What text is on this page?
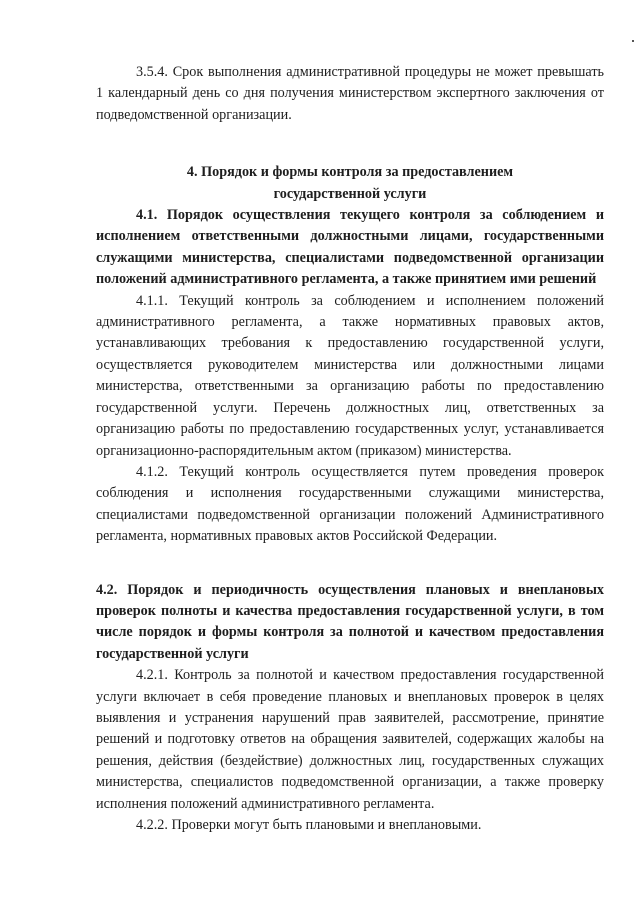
3.5.4. Срок выполнения административной процедуры не может превышать 1 календарный день со дня получения министерством экспертного заключения от подведомственной организации.

4. Порядок и формы контроля за предоставлением государственной услуги

4.1. Порядок осуществления текущего контроля за соблюдением и исполнением ответственными должностными лицами, государственными служащими министерства, специалистами подведомственной организации положений административного регламента, а также принятием ими решений

4.1.1. Текущий контроль за соблюдением и исполнением положений административного регламента, а также нормативных правовых актов, устанавливающих требования к предоставлению государственной услуги, осуществляется руководителем министерства или должностными лицами министерства, ответственными за организацию работы по предоставлению государственной услуги. Перечень должностных лиц, ответственных за организацию работы по предоставлению государственных услуг, устанавливается организационно-распорядительным актом (приказом) министерства.

4.1.2. Текущий контроль осуществляется путем проведения проверок соблюдения и исполнения государственными служащими министерства, специалистами подведомственной организации положений Административного регламента, нормативных правовых актов Российской Федерации.

4.2. Порядок и периодичность осуществления плановых и внеплановых проверок полноты и качества предоставления государственной услуги, в том числе порядок и формы контроля за полнотой и качеством предоставления государственной услуги

4.2.1. Контроль за полнотой и качеством предоставления государственной услуги включает в себя проведение плановых и внеплановых проверок в целях выявления и устранения нарушений прав заявителей, рассмотрение, принятие решений и подготовку ответов на обращения заявителей, содержащих жалобы на решения, действия (бездействие) должностных лиц, государственных служащих министерства, специалистов подведомственной организации, а также проверку исполнения положений административного регламента.

4.2.2. Проверки могут быть плановыми и внеплановыми.
